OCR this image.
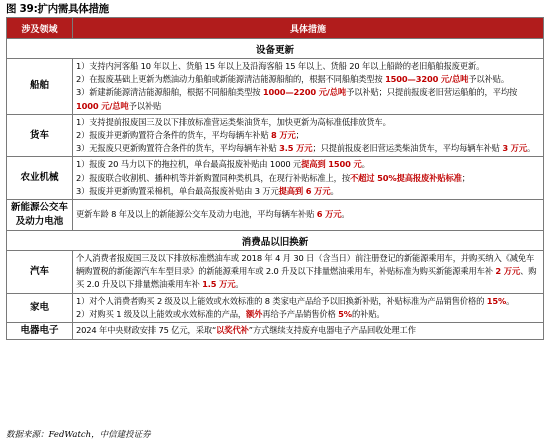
图 39:扩内需具体措施
涉及领域	具体措施
设备更新	
船舶	1）支持内河客船 10 年以上、货船 15 年以上及沿海客船 15 年以上、货船 20 年以上船龄的老旧船舶报废更新。
2）在报废基础上更新为燃油动力船舶或新能源清洁能源船舶的，根据不同船舶类型按 1500—3200 元/总吨予以补贴。
3）新建新能源清洁能源船舶，根据不同船舶类型按 1000—2200 元/总吨予以补贴；只提前报废老旧营运船舶的，平均按 1000 元/总吨予以补贴

货车	1）支持提前报废国三及以下排放标准营运类柴油货车，加快更新为高标准低排放货车。
2）报废并更新购置符合条件的货车，平均每辆车补贴 8 万元；
3）无报废只更新购置符合条件的货车，平均每辆车补贴 3.5 万元；只提前报废老旧营运类柴油货车，平均每辆车补贴 3 万元。

农业机械	1）报废 20 马力以下的拖拉机，单台最高报废补贴由 1000 元提高到 1500 元。
2）报废联合收割机、播种机等并新购置同种类机具，在现行补贴标准上，按不超过 50%提高报废补贴标准；
3）报废并更新购置采棉机，单台最高报废补贴由 3 万元提高到 6 万元。

新能源公交车
及动力电池	更新车龄 8 年及以上的新能源公交车及动力电池，平均每辆车补贴 6 万元。
消费品以旧换新	
汽车	个人消费者报废国三及以下排放标准燃油车或 2018 年 4 月 30 日（含当日）前注册登记的新能源乘用车，并购买纳入《减免车辆购置税的新能源汽车车型目录》的新能源乘用车或 2.0 升及以下排量燃油乘用车，补贴标准为购买新能源乘用车补 2 万元、购买 2.0 升及以下排量燃油乘用车补 1.5 万元。
家电	1）对个人消费者购买 2 级及以上能效或水效标准的 8 类家电产品给予以旧换新补贴，补贴标准为产品销售价格的 15%。
2）对购买 1 级及以上能效或水效标准的产品，额外再给予产品销售价格 5%的补贴。

电器电子	2024 年中央财政安排 75 亿元，采取“以奖代补”方式继续支持废弃电器电子产品回收处理工作
数据来源：FedWatch，中信建投证券
